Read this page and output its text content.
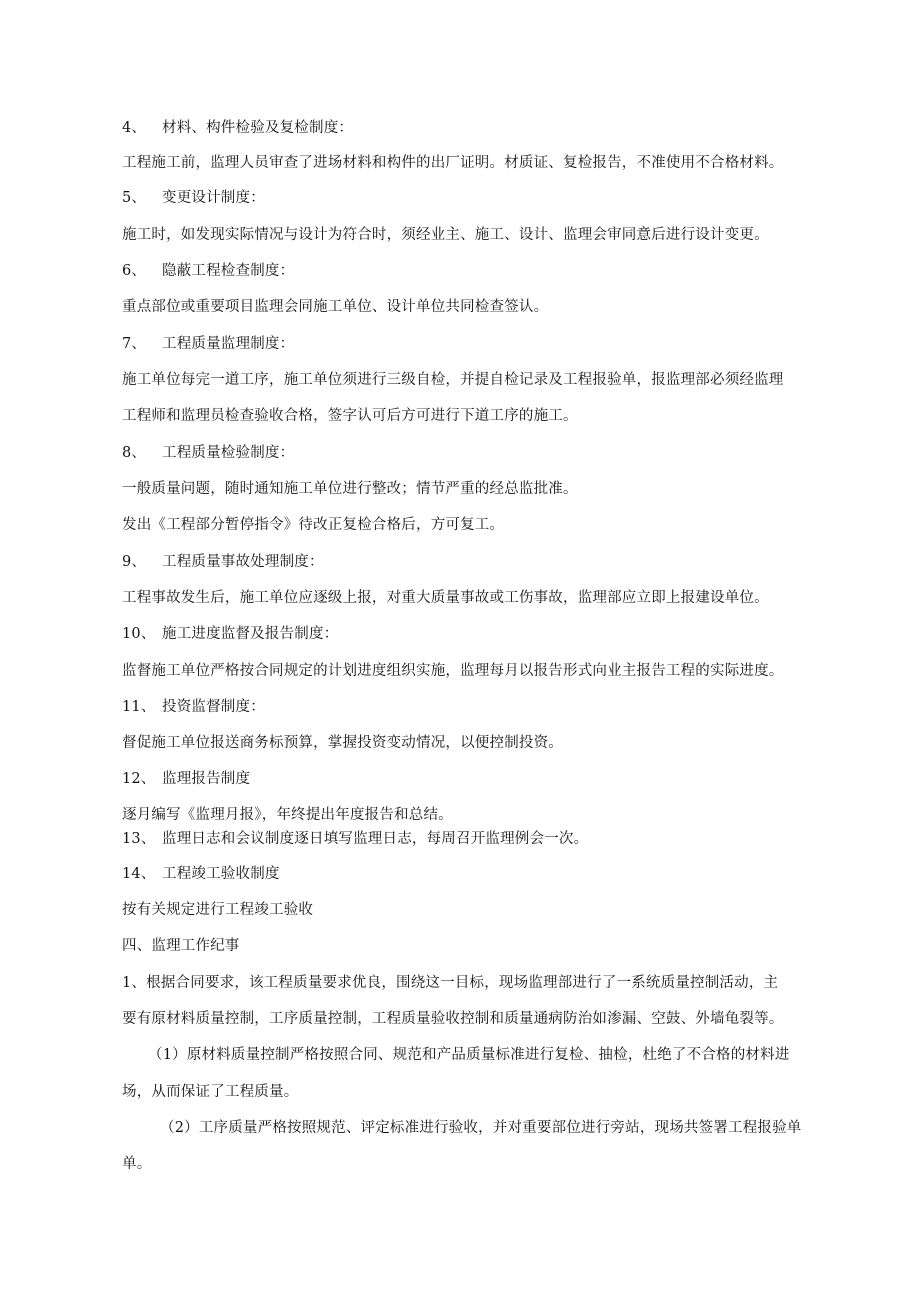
4、 材料、构件检验及复检制度：
工程施工前，监理人员审查了进场材料和构件的出厂证明。材质证、复检报告，不准使用不合格材料。
5、 变更设计制度：
施工时，如发现实际情况与设计为符合时，须经业主、施工、设计、监理会审同意后进行设计变更。
6、 隐蔽工程检查制度：
重点部位或重要项目监理会同施工单位、设计单位共同检查签认。
7、 工程质量监理制度：
施工单位每完一道工序，施工单位须进行三级自检，并提自检记录及工程报验单，报监理部必须经监理
工程师和监理员检查验收合格，签字认可后方可进行下道工序的施工。
8、 工程质量检验制度：
一般质量问题，随时通知施工单位进行整改；情节严重的经总监批准。
发出《工程部分暂停指令》待改正复检合格后，方可复工。
9、 工程质量事故处理制度：
工程事故发生后，施工单位应逐级上报，对重大质量事故或工伤事故，监理部应立即上报建设单位。
10、 施工进度监督及报告制度：
监督施工单位严格按合同规定的计划进度组织实施，监理每月以报告形式向业主报告工程的实际进度。
11、 投资监督制度：
督促施工单位报送商务标预算，掌握投资变动情况，以便控制投资。
12、 监理报告制度
逐月编写《监理月报》，年终提出年度报告和总结。
13、 监理日志和会议制度逐日填写监理日志，每周召开监理例会一次。
14、 工程竣工验收制度
按有关规定进行工程竣工验收
四、监理工作纪事
1、根据合同要求，该工程质量要求优良，围绕这一目标，现场监理部进行了一系统质量控制活动，主
要有原材料质量控制，工序质量控制，工程质量验收控制和质量通病防治如渗漏、空鼓、外墙龟裂等。
（1）原材料质量控制严格按照合同、规范和产品质量标准进行复检、抽检，杜绝了不合格的材料进
场，从而保证了工程质量。
（2）工序质量严格按照规范、评定标准进行验收，并对重要部位进行旁站，现场共签署工程报验单
单。
